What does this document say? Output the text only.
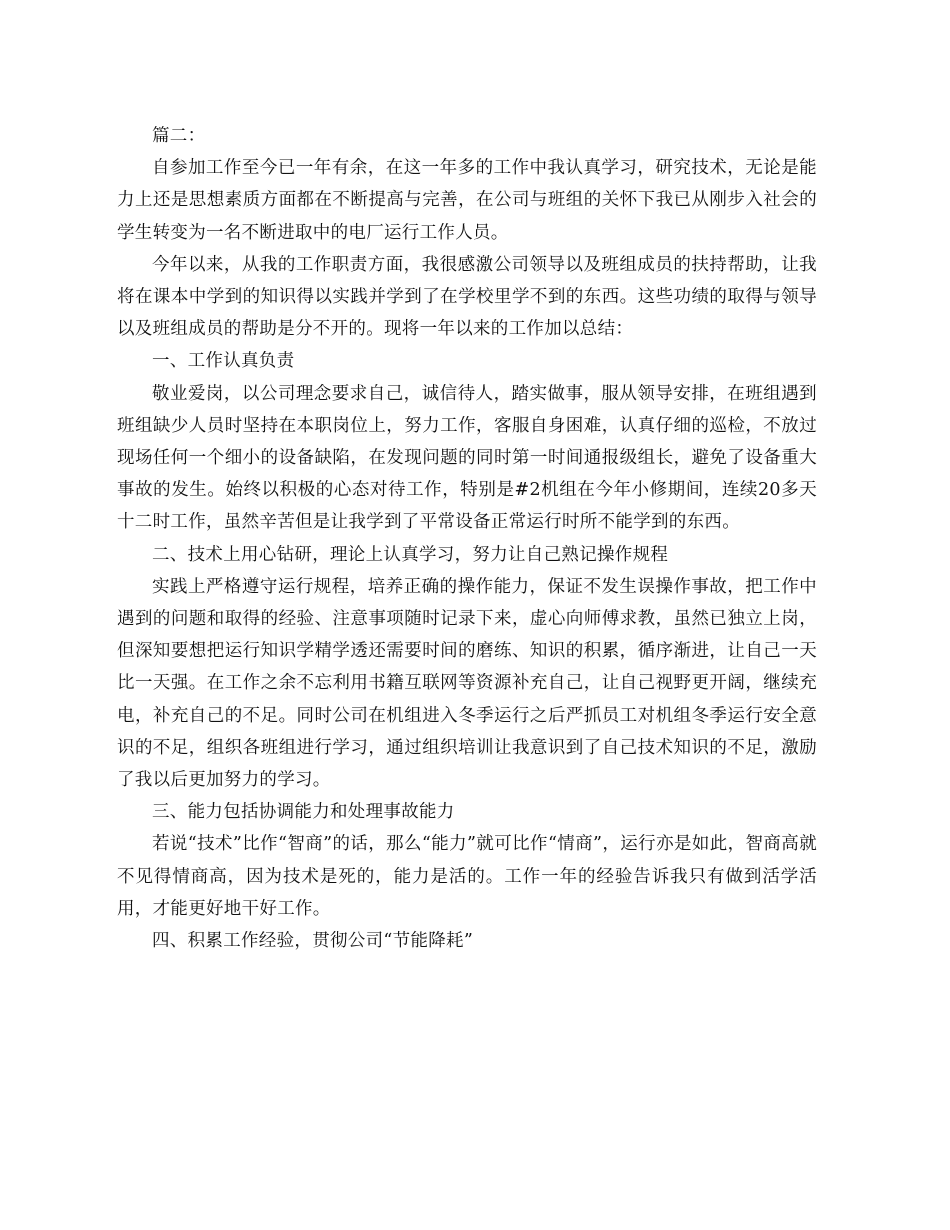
篇二：

自参加工作至今已一年有余，在这一年多的工作中我认真学习，研究技术，无论是能力上还是思想素质方面都在不断提高与完善，在公司与班组的关怀下我已从刚步入社会的学生转变为一名不断进取中的电厂运行工作人员。

今年以来，从我的工作职责方面，我很感激公司领导以及班组成员的扶持帮助，让我将在课本中学到的知识得以实践并学到了在学校里学不到的东西。这些功绩的取得与领导以及班组成员的帮助是分不开的。现将一年以来的工作加以总结：

一、工作认真负责

敬业爱岗，以公司理念要求自己，诚信待人，踏实做事，服从领导安排，在班组遇到班组缺少人员时坚持在本职岗位上，努力工作，客服自身困难，认真仔细的巡检，不放过现场任何一个细小的设备缺陷，在发现问题的同时第一时间通报级组长，避免了设备重大事故的发生。始终以积极的心态对待工作，特别是#2机组在今年小修期间，连续20多天十二时工作，虽然辛苦但是让我学到了平常设备正常运行时所不能学到的东西。

二、技术上用心钻研，理论上认真学习，努力让自己熟记操作规程

实践上严格遵守运行规程，培养正确的操作能力，保证不发生误操作事故，把工作中遇到的问题和取得的经验、注意事项随时记录下来，虚心向师傅求教，虽然已独立上岗，但深知要想把运行知识学精学透还需要时间的磨练、知识的积累，循序渐进，让自己一天比一天强。在工作之余不忘利用书籍互联网等资源补充自己，让自己视野更开阔，继续充电，补充自己的不足。同时公司在机组进入冬季运行之后严抓员工对机组冬季运行安全意识的不足，组织各班组进行学习，通过组织培训让我意识到了自己技术知识的不足，激励了我以后更加努力的学习。

三、能力包括协调能力和处理事故能力

若说“技术”比作“智商”的话，那么“能力”就可比作“情商”，运行亦是如此，智商高就不见得情商高，因为技术是死的，能力是活的。工作一年的经验告诉我只有做到活学活用，才能更好地干好工作。

四、积累工作经验，贯彻公司“节能降耗”
